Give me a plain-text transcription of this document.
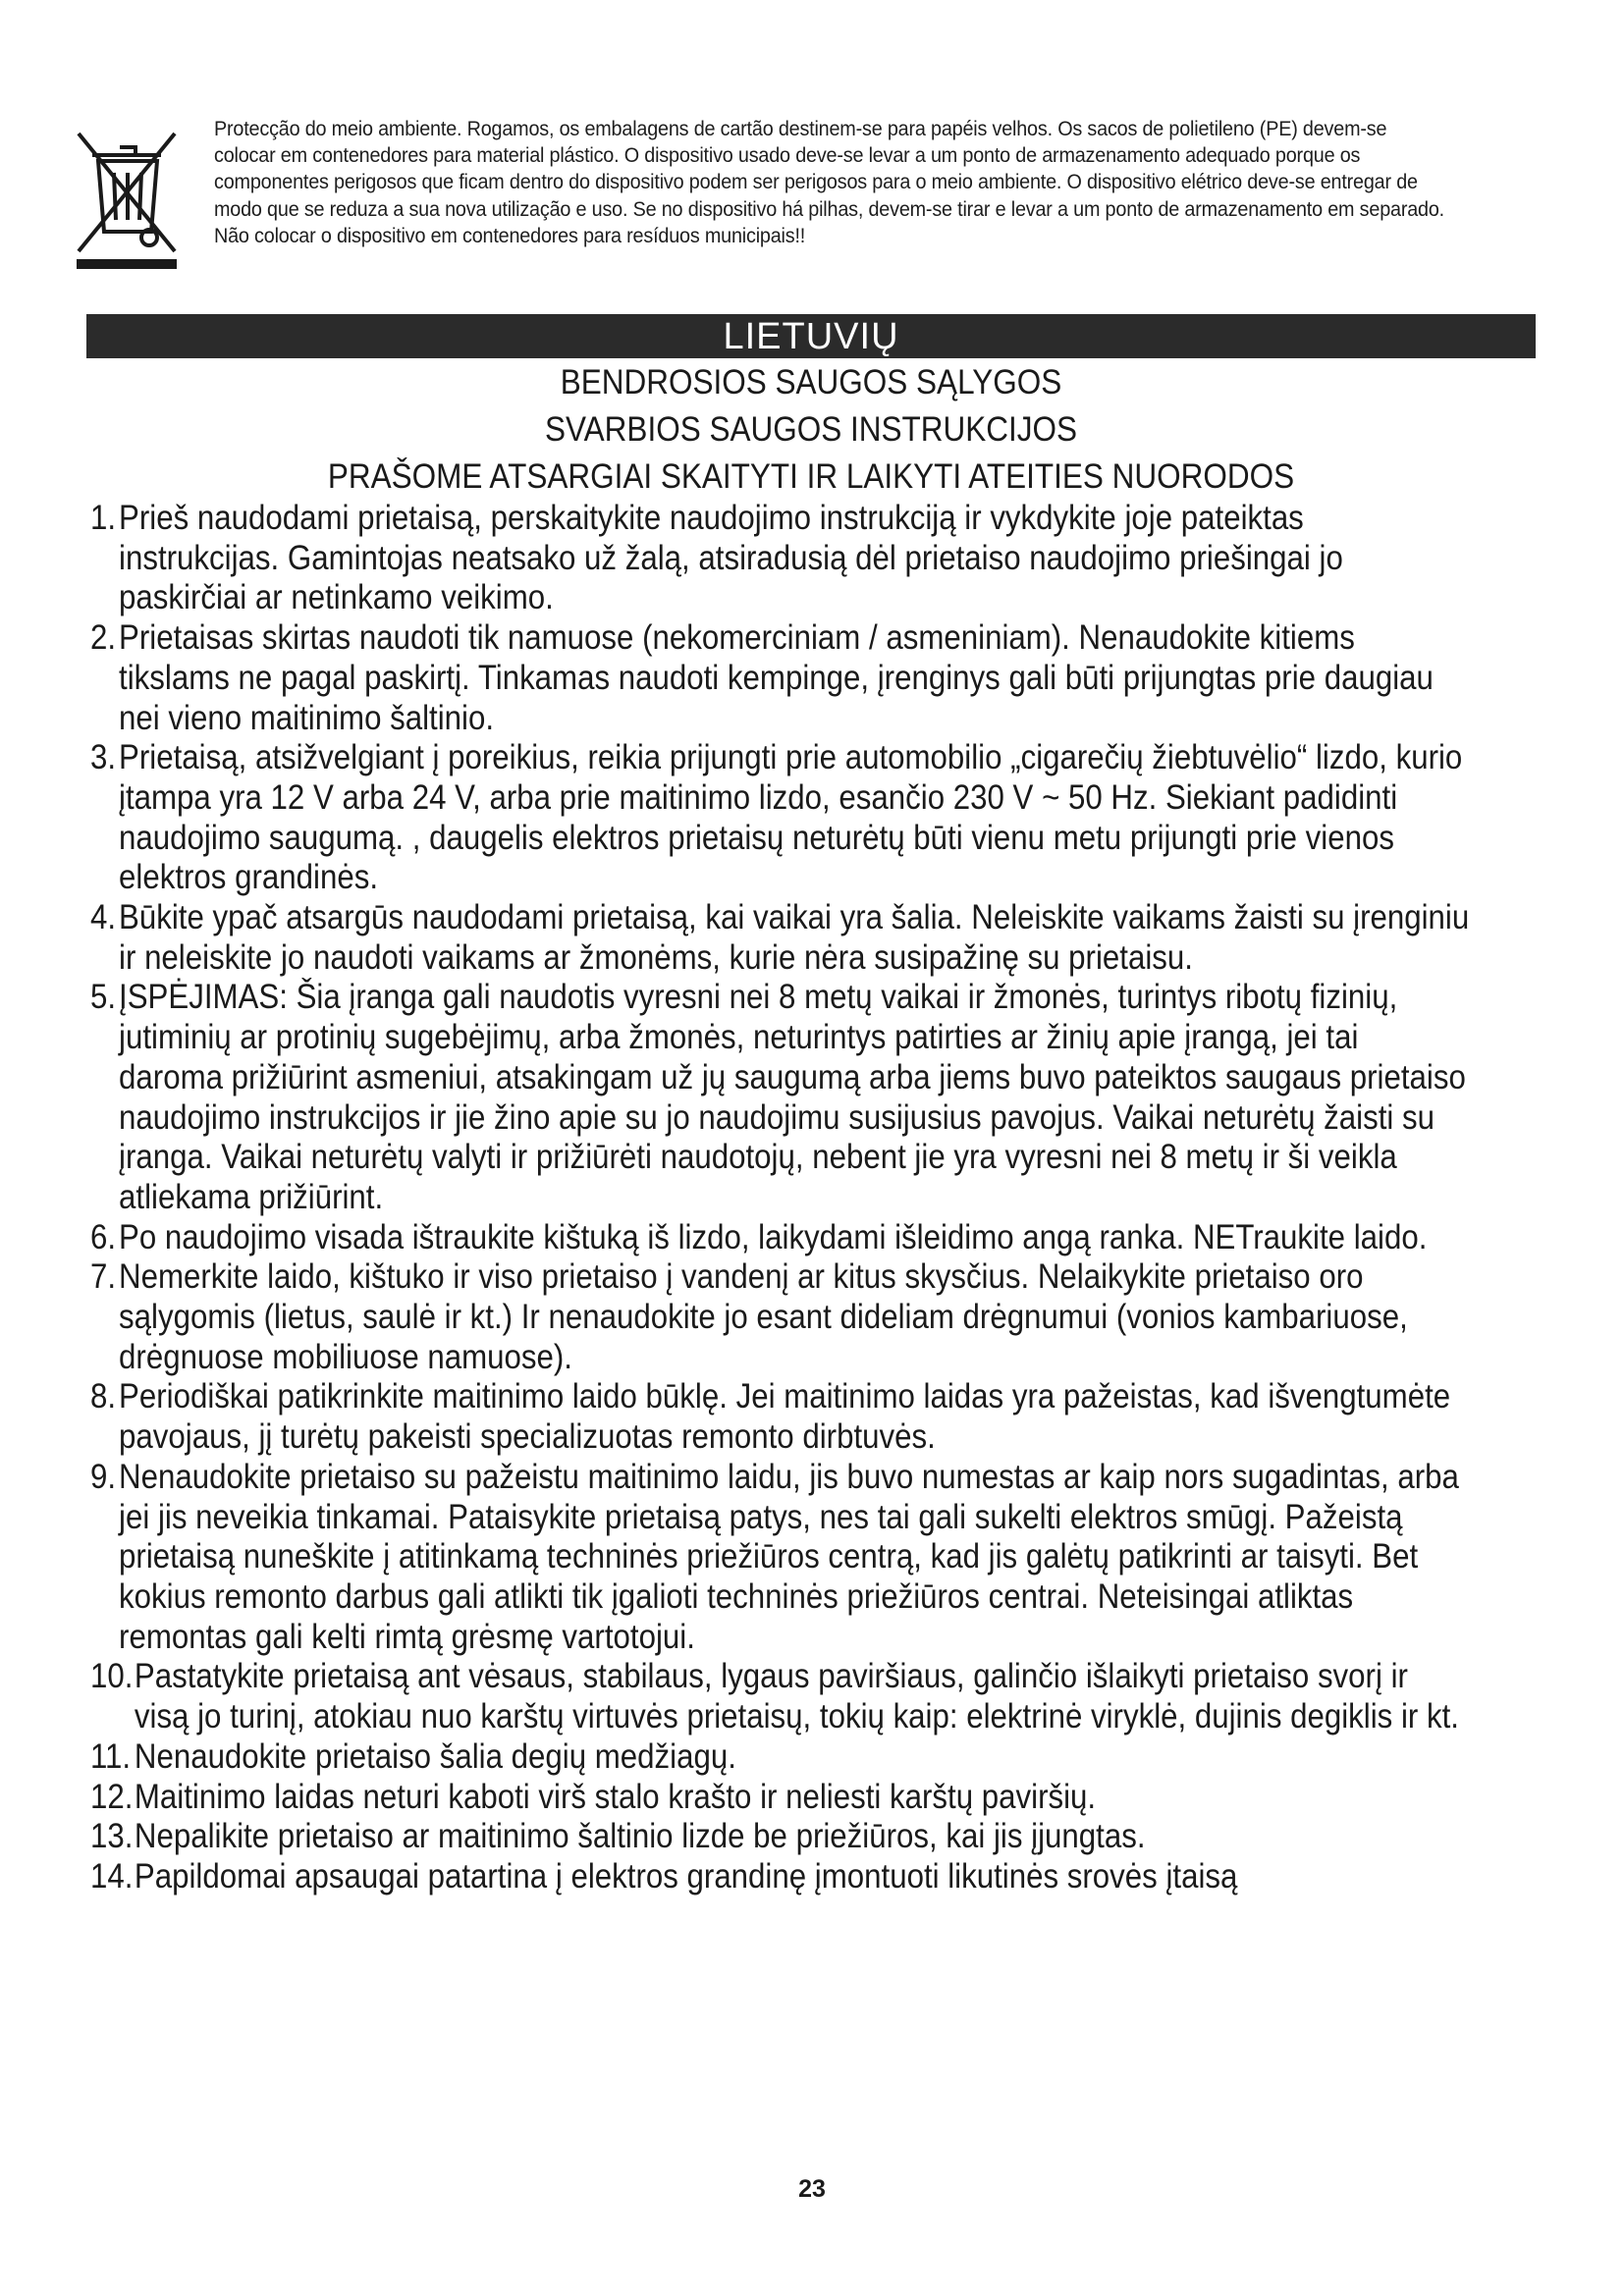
Protecção do meio ambiente. Rogamos, os embalagens de cartão destinem-se para papéis velhos. Os sacos de polietileno (PE) devem-se colocar em contenedores para material plástico. O dispositivo usado deve-se levar a um ponto de armazenamento adequado porque os componentes perigosos que ficam dentro do dispositivo podem ser perigosos para o meio ambiente. O dispositivo elétrico deve-se entregar de modo que se reduza a sua nova utilização e uso. Se no dispositivo há pilhas, devem-se tirar e levar a um ponto de armazenamento em separado. Não colocar o dispositivo em contenedores para resíduos municipais!!
LIETUVIŲ
BENDROSIOS SAUGOS SĄLYGOS
SVARBIOS SAUGOS INSTRUKCIJOS
PRAŠOME ATSARGIAI SKAITYTI IR LAIKYTI ATEITIES NUORODOS
1. Prieš naudodami prietaisą, perskaitykite naudojimo instrukciją ir vykdykite joje pateiktas instrukcijas. Gamintojas neatsako už žalą, atsiradusią dėl prietaiso naudojimo priešingai jo paskirčiai ar netinkamo veikimo.
2. Prietaisas skirtas naudoti tik namuose (nekomerciniam / asmeniniam). Nenaudokite kitiems tikslams ne pagal paskirtį. Tinkamas naudoti kempinge, įrenginys gali būti prijungtas prie daugiau nei vieno maitinimo šaltinio.
3. Prietaisą, atsižvelgiant į poreikius, reikia prijungti prie automobilio „cigarečių žiebtuvėlio“ lizdo, kurio įtampa yra 12 V arba 24 V, arba prie maitinimo lizdo, esančio 230 V ~ 50 Hz. Siekiant padidinti naudojimo saugumą. , daugelis elektros prietaisų neturėtų būti vienu metu prijungti prie vienos elektros grandinės.
4. Būkite ypač atsargūs naudodami prietaisą, kai vaikai yra šalia. Neleiskite vaikams žaisti su įrenginiu ir neleiskite jo naudoti vaikams ar žmonėms, kurie nėra susipažinę su prietaisu.
5. ĮSPĖJIMAS: Šia įranga gali naudotis vyresni nei 8 metų vaikai ir žmonės, turintys ribotų fizinių, jutiminių ar protinių sugebėjimų, arba žmonės, neturintys patirties ar žinių apie įrangą, jei tai daroma prižiūrint asmeniui, atsakingam už jų saugumą arba jiems buvo pateiktos saugaus prietaiso naudojimo instrukcijos ir jie žino apie su jo naudojimu susijusius pavojus. Vaikai neturėtų žaisti su įranga. Vaikai neturėtų valyti ir prižiūrėti naudotojų, nebent jie yra vyresni nei 8 metų ir ši veikla atliekama prižiūrint.
6. Po naudojimo visada ištraukite kištuką iš lizdo, laikydami išleidimo angą ranka. NETraukite laido.
7. Nemerkite laido, kištuko ir viso prietaiso į vandenį ar kitus skysčius. Nelaikykite prietaiso oro sąlygomis (lietus, saulė ir kt.) Ir nenaudokite jo esant dideliam drėgnumui (vonios kambariuose, drėgnuose mobiliuose namuose).
8. Periodiškai patikrinkite maitinimo laido būklę. Jei maitinimo laidas yra pažeistas, kad išvengtumėte pavojaus, jį turėtų pakeisti specializuotas remonto dirbtuvės.
9. Nenaudokite prietaiso su pažeistu maitinimo laidu, jis buvo numestas ar kaip nors sugadintas, arba jei jis neveikia tinkamai. Pataisykite prietaisą patys, nes tai gali sukelti elektros smūgį. Pažeistą prietaisą nuneškite į atitinkamą techninės priežiūros centrą, kad jis galėtų patikrinti ar taisyti. Bet kokius remonto darbus gali atlikti tik įgalioti techninės priežiūros centrai. Neteisingai atliktas remontas gali kelti rimtą grėsmę vartotojui.
10. Pastatykite prietaisą ant vėsaus, stabilaus, lygaus paviršiaus, galinčio išlaikyti prietaiso svorį ir visą jo turinį, atokiau nuo karštų virtuvės prietaisų, tokių kaip: elektrinė viryklė, dujinis degiklis ir kt.
11. Nenaudokite prietaiso šalia degių medžiagų.
12. Maitinimo laidas neturi kaboti virš stalo krašto ir neliesti karštų paviršių.
13. Nepalikite prietaiso ar maitinimo šaltinio lizde be priežiūros, kai jis įjungtas.
14. Papildomai apsaugai patartina į elektros grandinę įmontuoti likutinės srovės įtaisą
23
